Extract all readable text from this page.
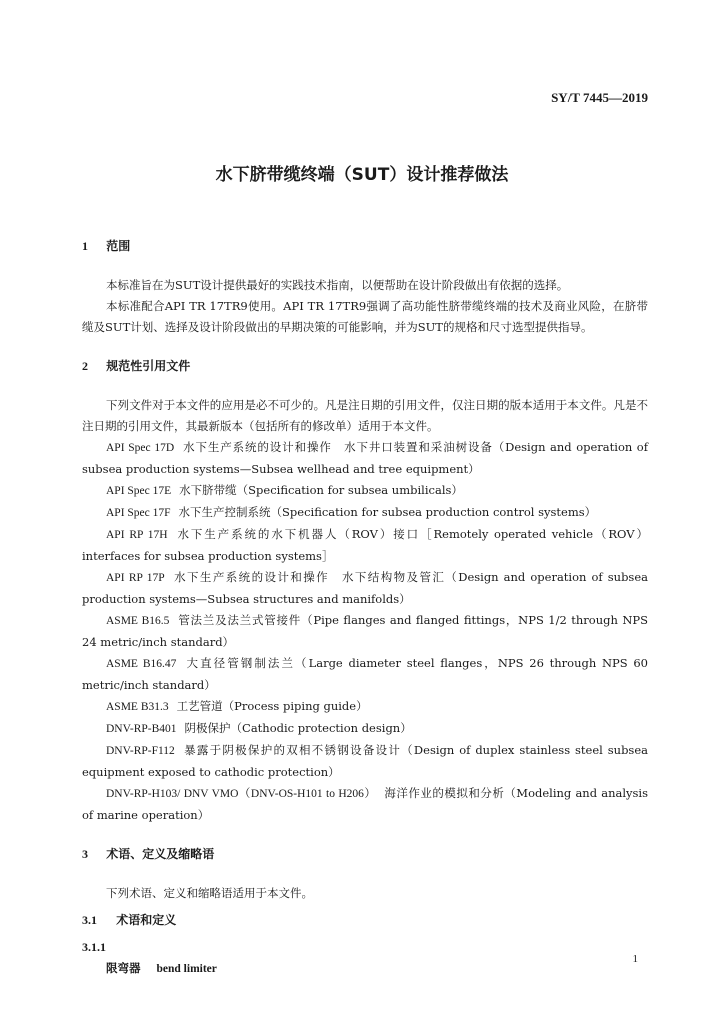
SY/T 7445—2019
水下脐带缆终端（SUT）设计推荐做法
1 范围

本标准旨在为SUT设计提供最好的实践技术指南，以便帮助在设计阶段做出有依据的选择。

本标准配合API TR 17TR9使用。API TR 17TR9强调了高功能性脐带缆终端的技术及商业风险，在脐带缆及SUT计划、选择及设计阶段做出的早期决策的可能影响，并为SUT的规格和尺寸选型提供指导。

2 规范性引用文件

下列文件对于本文件的应用是必不可少的。凡是注日期的引用文件，仅注日期的版本适用于本文件。凡是不注日期的引用文件，其最新版本（包括所有的修改单）适用于本文件。

API Spec 17D 水下生产系统的设计和操作　水下井口装置和采油树设备（Design and operation of subsea production systems—Subsea wellhead and tree equipment）

API Spec 17E 水下脐带缆（Specification for subsea umbilicals）

API Spec 17F 水下生产控制系统（Specification for subsea production control systems）

API RP 17H 水下生产系统的水下机器人（ROV）接口［Remotely operated vehicle（ROV）interfaces for subsea production systems］

API RP 17P 水下生产系统的设计和操作　水下结构物及管汇（Design and operation of subsea production systems—Subsea structures and manifolds）

ASME B16.5 管法兰及法兰式管接件（Pipe flanges and flanged fittings，NPS 1/2 through NPS 24 metric/inch standard）

ASME B16.47 大直径管钢制法兰（Large diameter steel flanges，NPS 26 through NPS 60 metric/inch standard）

ASME B31.3 工艺管道（Process piping guide）

DNV-RP-B401 阴极保护（Cathodic protection design）

DNV-RP-F112 暴露于阴极保护的双相不锈钢设备设计（Design of duplex stainless steel subsea equipment exposed to cathodic protection）

DNV-RP-H103/ DNV VMO（DNV-OS-H101 to H206） 海洋作业的模拟和分析（Modeling and analysis of marine operation）

3 术语、定义及缩略语

下列术语、定义和缩略语适用于本文件。

3.1 术语和定义
3.1.1
限弯器 bend limiter
1
